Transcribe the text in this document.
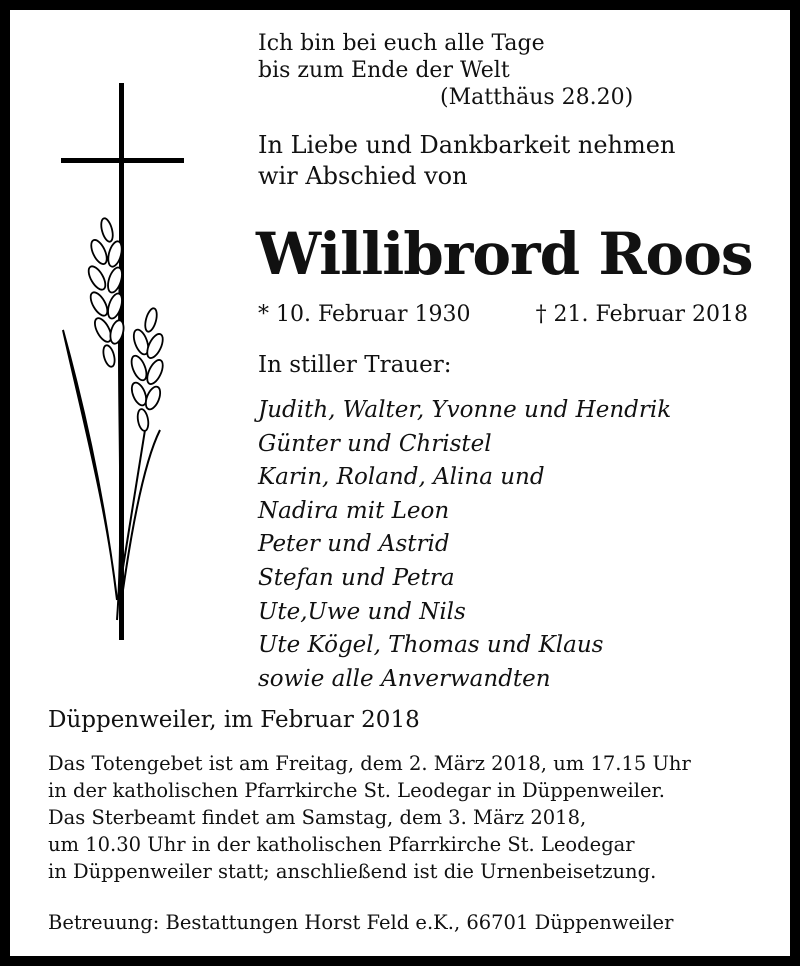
Ich bin bei euch alle Tage
bis zum Ende der Welt
(Matthäus 28.20)
In Liebe und Dankbarkeit nehmen
wir Abschied von
Willibrord Roos
* 10. Februar 1930	† 21. Februar 2018
In stiller Trauer:
Judith, Walter, Yvonne und Hendrik
Günter und Christel
Karin, Roland, Alina und
Nadira mit Leon
Peter und Astrid
Stefan und Petra
Ute,Uwe und Nils
Ute Kögel, Thomas und Klaus
sowie alle Anverwandten
Düppenweiler, im Februar 2018
Das Totengebet ist am Freitag, dem 2. März 2018, um 17.15 Uhr
in der katholischen Pfarrkirche St. Leodegar in Düppenweiler.
Das Sterbeamt findet am Samstag, dem 3. März 2018,
um 10.30 Uhr in der katholischen Pfarrkirche St. Leodegar
in Düppenweiler statt; anschließend ist die Urnenbeisetzung.
Betreuung: Bestattungen Horst Feld e.K., 66701 Düppenweiler
